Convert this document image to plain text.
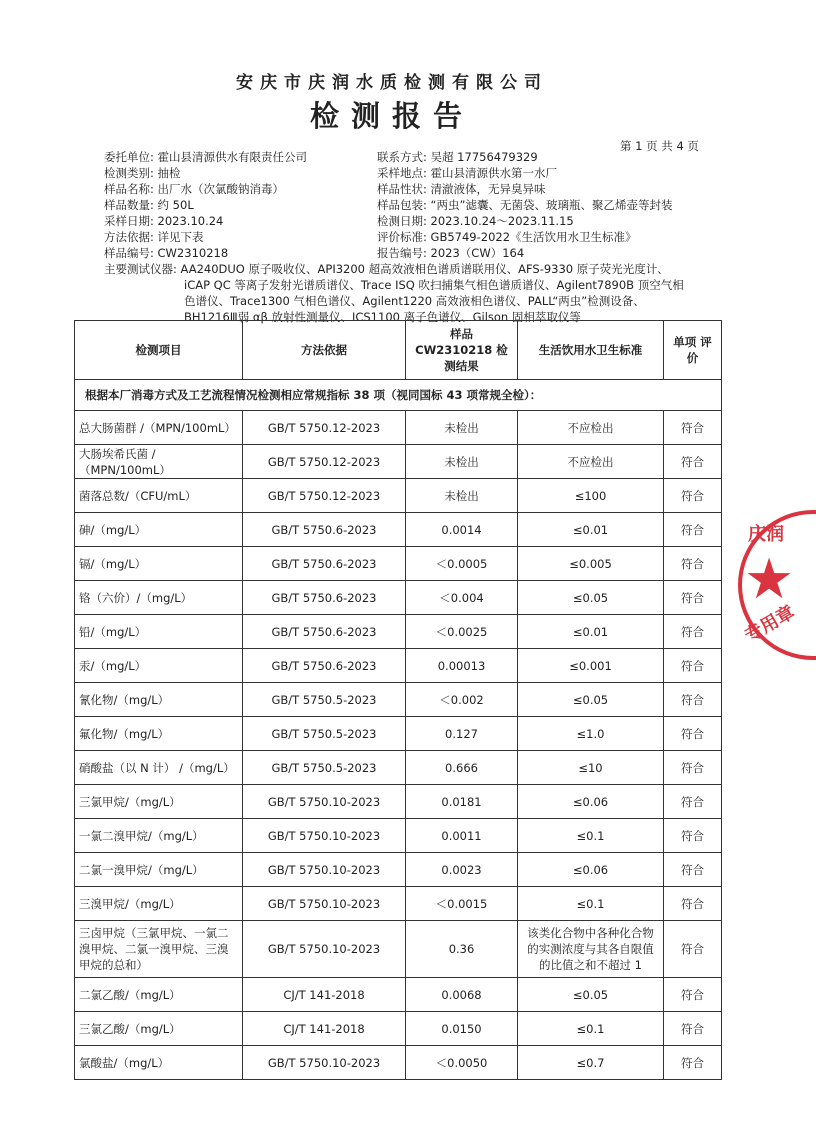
安庆市庆润水质检测有限公司
检测报告
第 1 页 共 4 页
委托单位: 霍山县清源供水有限责任公司
检测类别: 抽检
样品名称: 出厂水（次氯酸钠消毒）
样品数量: 约 50L
采样日期: 2023.10.24
方法依据: 详见下表
样品编号: CW2310218
联系方式: 吴超 17756479329
采样地点: 霍山县清源供水第一水厂
样品性状: 清澈液体，无异臭异味
样品包装: “两虫”滤囊、无菌袋、玻璃瓶、聚乙烯壶等封装
检测日期: 2023.10.24～2023.11.15
评价标准: GB5749-2022《生活饮用水卫生标准》
报告编号: 2023（CW）164
主要测试仪器: AA240DUO 原子吸收仪、API3200 超高效液相色谱质谱联用仪、AFS-9330 原子荧光光度计、
iCAP QC 等离子发射光谱质谱仪、Trace ISQ 吹扫捕集气相色谱质谱仪、Agilent7890B 顶空气相
色谱仪、Trace1300 气相色谱仪、Agilent1220 高效液相色谱仪、PALL“两虫”检测设备、
BH1216Ⅲ弱 αβ 放射性测量仪、ICS1100 离子色谱仪、Gilson 固相萃取仪等
检测项目	方法依据	样品 CW2310218 检测结果	生活饮用水卫生标准	单项 评价
根据本厂消毒方式及工艺流程情况检测相应常规指标 38 项（视同国标 43 项常规全检）：				
总大肠菌群 /（MPN/100mL）	GB/T 5750.12-2023	未检出	不应检出	符合
大肠埃希氏菌 /（MPN/100mL）	GB/T 5750.12-2023	未检出	不应检出	符合
菌落总数/（CFU/mL）	GB/T 5750.12-2023	未检出	≤100	符合
砷/（mg/L）	GB/T 5750.6-2023	0.0014	≤0.01	符合
镉/（mg/L）	GB/T 5750.6-2023	＜0.0005	≤0.005	符合
铬（六价）/（mg/L）	GB/T 5750.6-2023	＜0.004	≤0.05	符合
铅/（mg/L）	GB/T 5750.6-2023	＜0.0025	≤0.01	符合
汞/（mg/L）	GB/T 5750.6-2023	0.00013	≤0.001	符合
氰化物/（mg/L）	GB/T 5750.5-2023	＜0.002	≤0.05	符合
氟化物/（mg/L）	GB/T 5750.5-2023	0.127	≤1.0	符合
硝酸盐（以 N 计） /（mg/L）	GB/T 5750.5-2023	0.666	≤10	符合
三氯甲烷/（mg/L）	GB/T 5750.10-2023	0.0181	≤0.06	符合
一氯二溴甲烷/（mg/L）	GB/T 5750.10-2023	0.0011	≤0.1	符合
二氯一溴甲烷/（mg/L）	GB/T 5750.10-2023	0.0023	≤0.06	符合
三溴甲烷/（mg/L）	GB/T 5750.10-2023	＜0.0015	≤0.1	符合
三卤甲烷（三氯甲烷、一氯二溴甲烷、二氯一溴甲烷、三溴甲烷的总和）	GB/T 5750.10-2023	0.36	该类化合物中各种化合物的实测浓度与其各自限值的比值之和不超过 1	符合
二氯乙酸/（mg/L）	CJ/T 141-2018	0.0068	≤0.05	符合
三氯乙酸/（mg/L）	CJ/T 141-2018	0.0150	≤0.1	符合
氯酸盐/（mg/L）	GB/T 5750.10-2023	＜0.0050	≤0.7	符合
庆润
★
专用章
